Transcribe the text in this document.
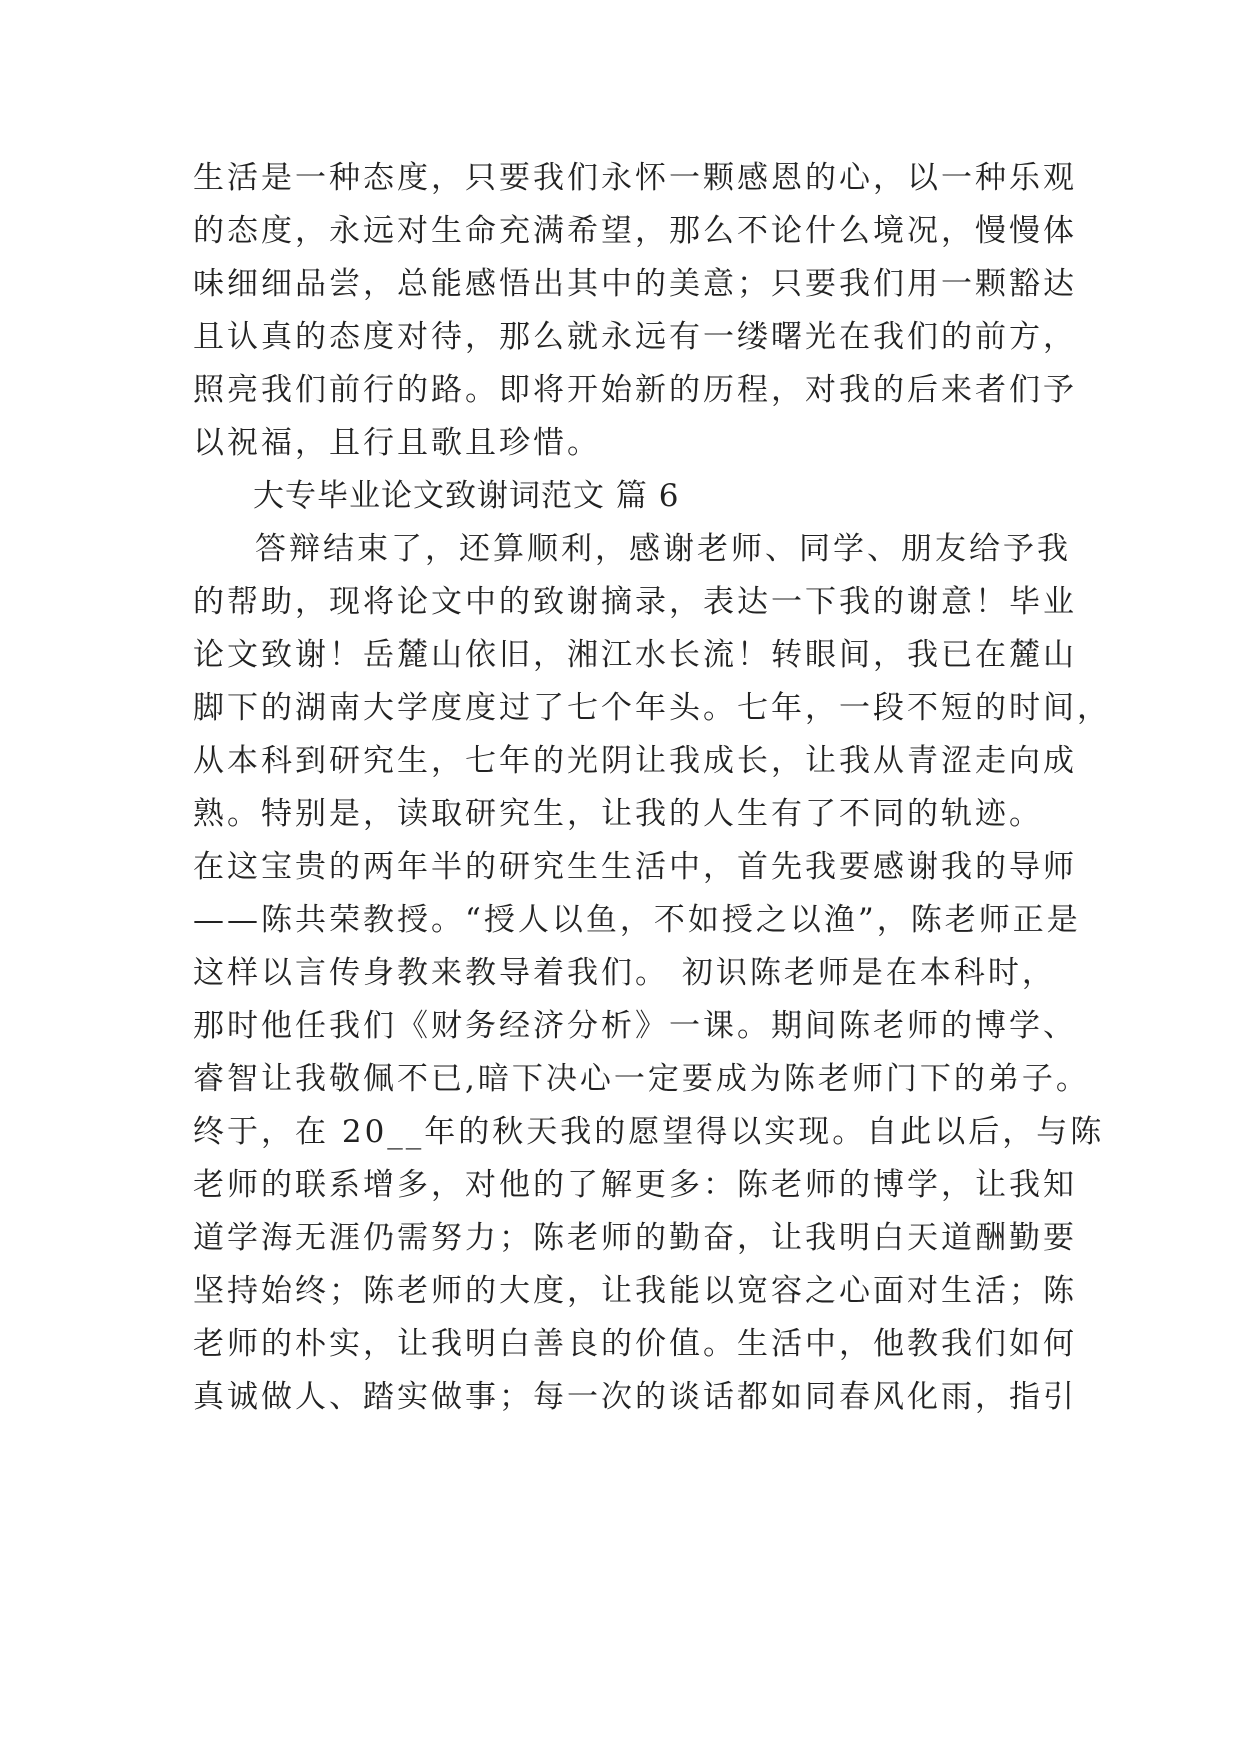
生活是一种态度，只要我们永怀一颗感恩的心，以一种乐观
的态度，永远对生命充满希望，那么不论什么境况，慢慢体
味细细品尝，总能感悟出其中的美意；只要我们用一颗豁达
且认真的态度对待，那么就永远有一缕曙光在我们的前方，
照亮我们前行的路。即将开始新的历程，对我的后来者们予
以祝福，且行且歌且珍惜。
大专毕业论文致谢词范文 篇 6
答辩结束了，还算顺利，感谢老师、同学、朋友给予我
的帮助，现将论文中的致谢摘录，表达一下我的谢意！毕业
论文致谢！岳麓山依旧，湘江水长流！转眼间，我已在麓山
脚下的湖南大学度度过了七个年头。七年，一段不短的时间，
从本科到研究生，七年的光阴让我成长，让我从青涩走向成
熟。特别是，读取研究生，让我的人生有了不同的轨迹。
在这宝贵的两年半的研究生生活中，首先我要感谢我的导师
——陈共荣教授。“授人以鱼，不如授之以渔”，陈老师正是
这样以言传身教来教导着我们。 初识陈老师是在本科时，
那时他任我们《财务经济分析》一课。期间陈老师的博学、
睿智让我敬佩不已,暗下决心一定要成为陈老师门下的弟子。
终于，在 20__年的秋天我的愿望得以实现。自此以后，与陈
老师的联系增多，对他的了解更多：陈老师的博学，让我知
道学海无涯仍需努力；陈老师的勤奋，让我明白天道酬勤要
坚持始终；陈老师的大度，让我能以宽容之心面对生活；陈
老师的朴实，让我明白善良的价值。生活中，他教我们如何
真诚做人、踏实做事；每一次的谈话都如同春风化雨，指引
